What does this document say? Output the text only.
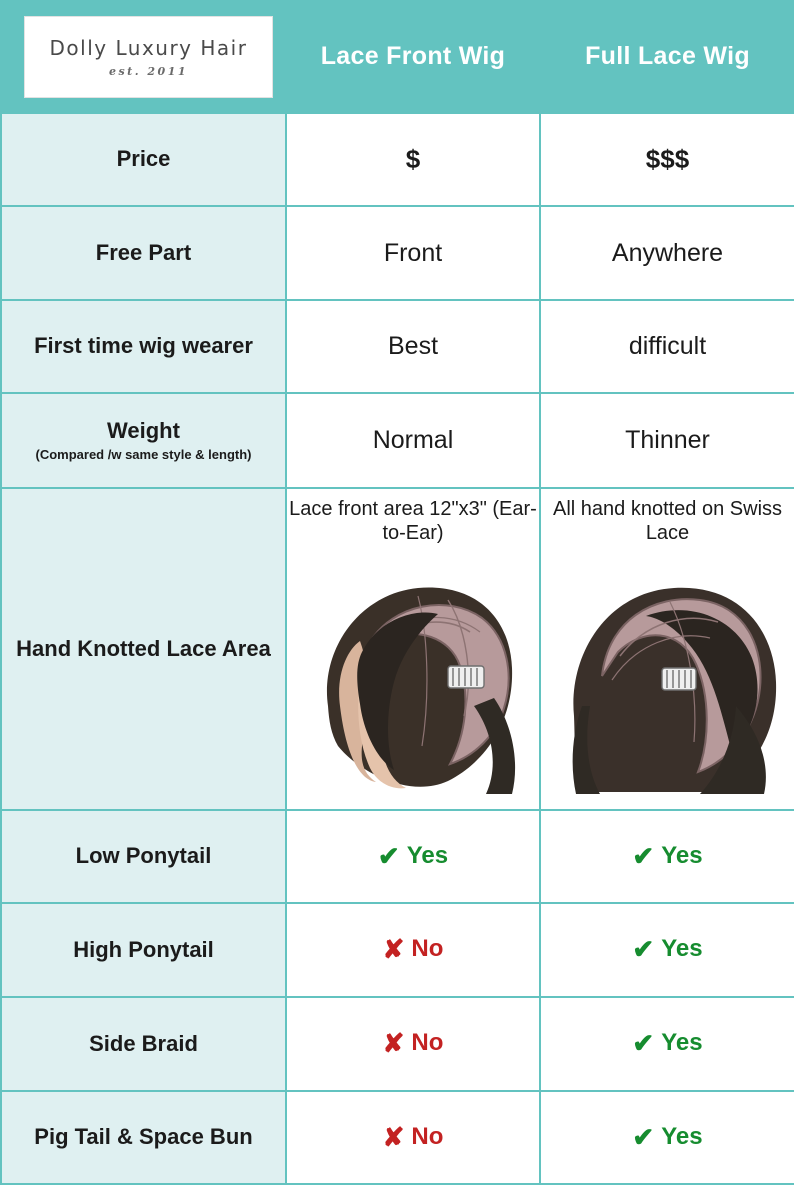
Dolly Luxury Hair
est. 2011	Lace Front Wig	Full Lace Wig
Price	$	$$$
Free Part	Front	Anywhere
First time wig wearer	Best	difficult
Weight
(Compared /w same style & length)	Normal	Thinner
Hand Knotted Lace Area	Lace front area 12"x3" (Ear-to-Ear)	All hand knotted on Swiss Lace

Low Ponytail	✔ Yes	✔ Yes

High Ponytail	✘ No	✔ Yes

Side Braid	✘ No	✔ Yes

Pig Tail & Space Bun	✘ No	✔ Yes
